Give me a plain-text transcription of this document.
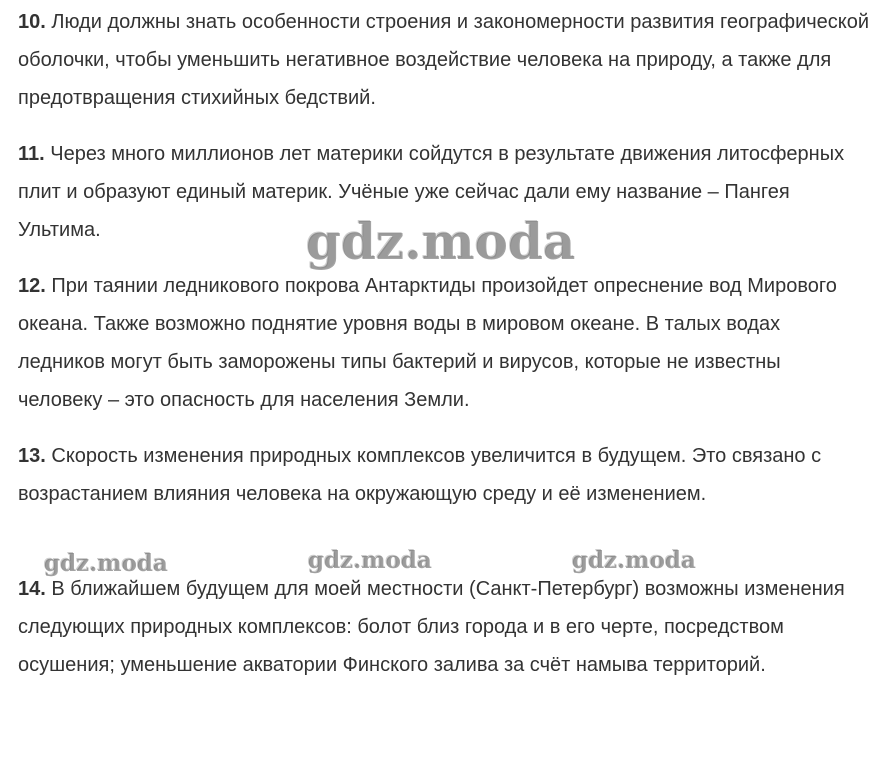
10. Люди должны знать особенности строения и закономерности развития географической оболочки, чтобы уменьшить негативное воздействие человека на природу, а также для предотвращения стихийных бедствий.

11. Через много миллионов лет материки сойдутся в результате движения литосферных плит и образуют единый материк. Учёные уже сейчас дали ему название – Пангея Ультима.

12. При таянии ледникового покрова Антарктиды произойдет опреснение вод Мирового океана. Также возможно поднятие уровня воды в мировом океане. В талых водах ледников могут быть заморожены типы бактерий и вирусов, которые не известны человеку – это опасность для населения Земли.

13. Скорость изменения природных комплексов увеличится в будущем. Это связано с возрастанием влияния человека на окружающую среду и её изменением.

14. В ближайшем будущем для моей местности (Санкт-Петербург) возможны изменения следующих природных комплексов: болот близ города и в его черте, посредством осушения; уменьшение акватории Финского залива за счёт намыва территорий.

gdz.moda
gdz.moda	gdz.moda	gdz.moda
